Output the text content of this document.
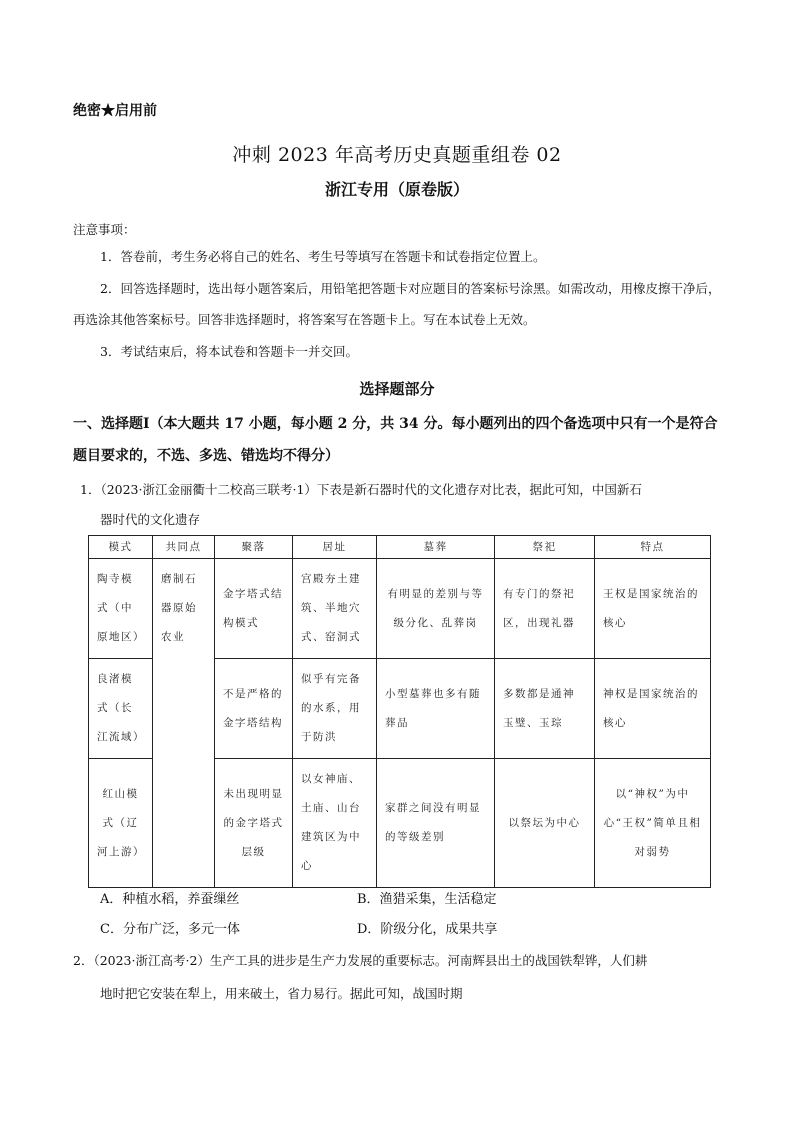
绝密★启用前
冲刺 2023 年高考历史真题重组卷 02
浙江专用（原卷版）
注意事项：
1．答卷前，考生务必将自己的姓名、考生号等填写在答题卡和试卷指定位置上。
2．回答选择题时，选出每小题答案后，用铅笔把答题卡对应题目的答案标号涂黑。如需改动，用橡皮擦干净后，再选涂其他答案标号。回答非选择题时，将答案写在答题卡上。写在本试卷上无效。
3．考试结束后，将本试卷和答题卡一并交回。
选择题部分
一、选择题Ⅰ（本大题共 17 小题，每小题 2 分，共 34 分。每小题列出的四个备选项中只有一个是符合题目要求的，不选、多选、错选均不得分）
1．（2023·浙江金丽衢十二校高三联考·1）下表是新石器时代的文化遗存对比表，据此可知，中国新石
器时代的文化遗存
模式	共同点	聚落	居址	墓葬	祭祀	特点
陶寺模式（中原地区）	磨制石器原始农业	金字塔式结构模式	宫殿夯土建筑、半地穴式、窑洞式	有明显的差别与等级分化、乱葬岗	有专门的祭祀区，出现礼器	王权是国家统治的核心
良渚模式（长江流域）		不是严格的金字塔结构	似乎有完备的水系，用于防洪	小型墓葬也多有随葬品	多数都是通神玉璧、玉琮	神权是国家统治的核心
红山模式（辽河上游）		未出现明显的金字塔式层级	以女神庙、土庙、山台建筑区为中心	家群之间没有明显的等级差别	以祭坛为中心	以“神权”为中心“王权”简单且相对弱势
A．种植水稻，养蚕缫丝	B．渔猎采集，生活稳定
C．分布广泛，多元一体	D．阶级分化，成果共享
2．（2023·浙江高考·2）生产工具的进步是生产力发展的重要标志。河南辉县出土的战国铁犁铧，人们耕
地时把它安装在犁上，用来破土，省力易行。据此可知，战国时期
